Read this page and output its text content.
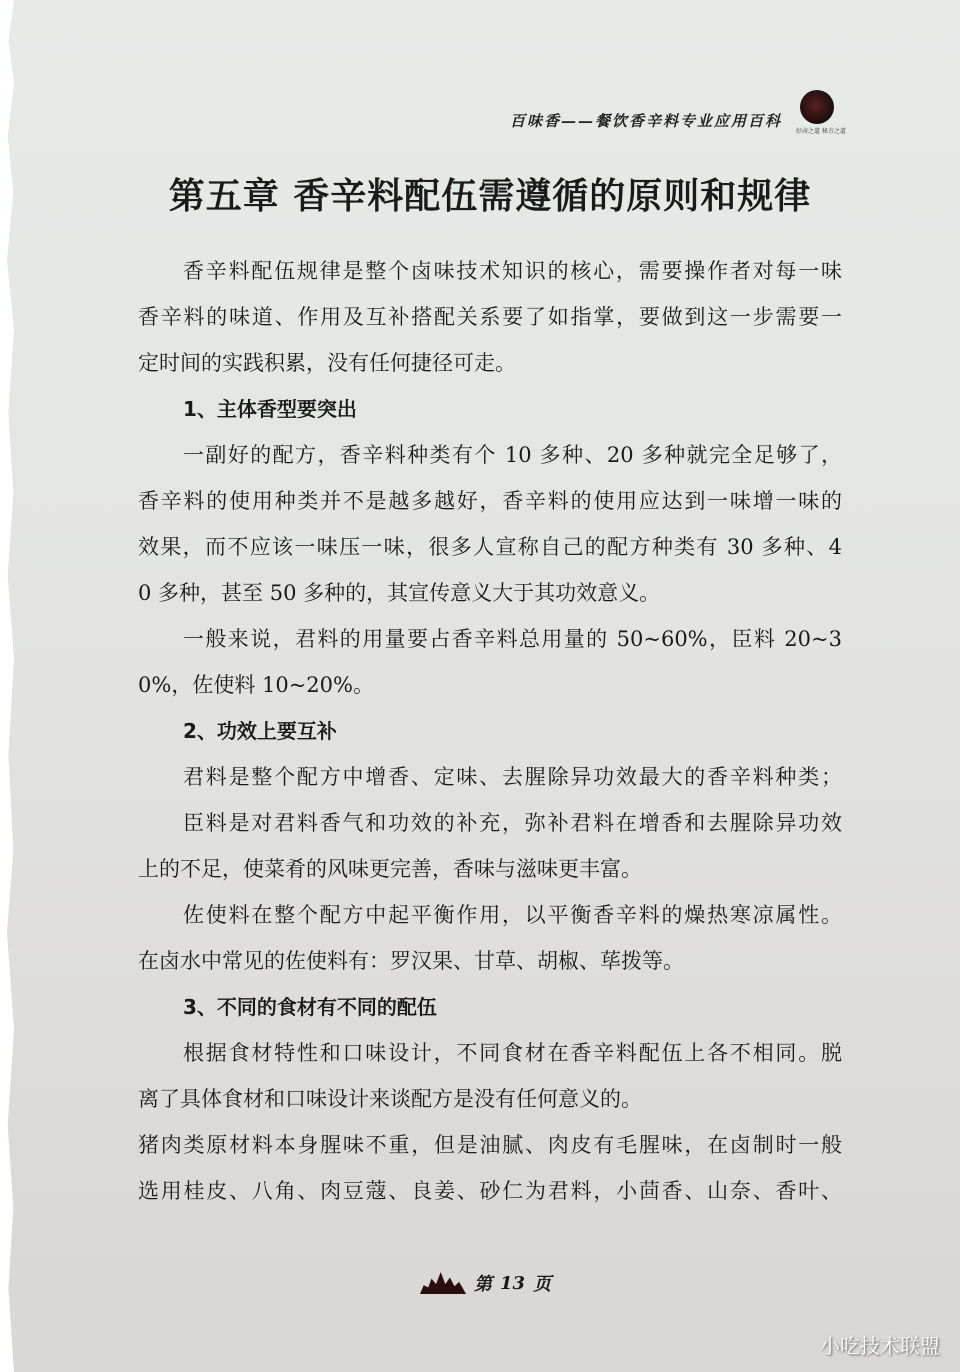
百味香——餐饮香辛料专业应用百科
好卤之道 秘方之道
第五章 香辛料配伍需遵循的原则和规律
香辛料配伍规律是整个卤味技术知识的核心，需要操作者对每一味
香辛料的味道、作用及互补搭配关系要了如指掌，要做到这一步需要一
定时间的实践积累，没有任何捷径可走。
1、主体香型要突出
一副好的配方，香辛料种类有个 10 多种、20 多种就完全足够了，
香辛料的使用种类并不是越多越好，香辛料的使用应达到一味增一味的
效果，而不应该一味压一味，很多人宣称自己的配方种类有 30 多种、4
0 多种，甚至 50 多种的，其宣传意义大于其功效意义。
一般来说，君料的用量要占香辛料总用量的 50~60%，臣料 20~3
0%，佐使料 10~20%。
2、功效上要互补
君料是整个配方中增香、定味、去腥除异功效最大的香辛料种类；
臣料是对君料香气和功效的补充，弥补君料在增香和去腥除异功效
上的不足，使菜肴的风味更完善，香味与滋味更丰富。
佐使料在整个配方中起平衡作用，以平衡香辛料的燥热寒凉属性。
在卤水中常见的佐使料有：罗汉果、甘草、胡椒、荜拨等。
3、不同的食材有不同的配伍
根据食材特性和口味设计，不同食材在香辛料配伍上各不相同。脱
离了具体食材和口味设计来谈配方是没有任何意义的。
猪肉类原材料本身腥味不重，但是油腻、肉皮有毛腥味，在卤制时一般
选用桂皮、八角、肉豆蔻、良姜、砂仁为君料，小茴香、山奈、香叶、
第 13 页
小吃技术联盟
